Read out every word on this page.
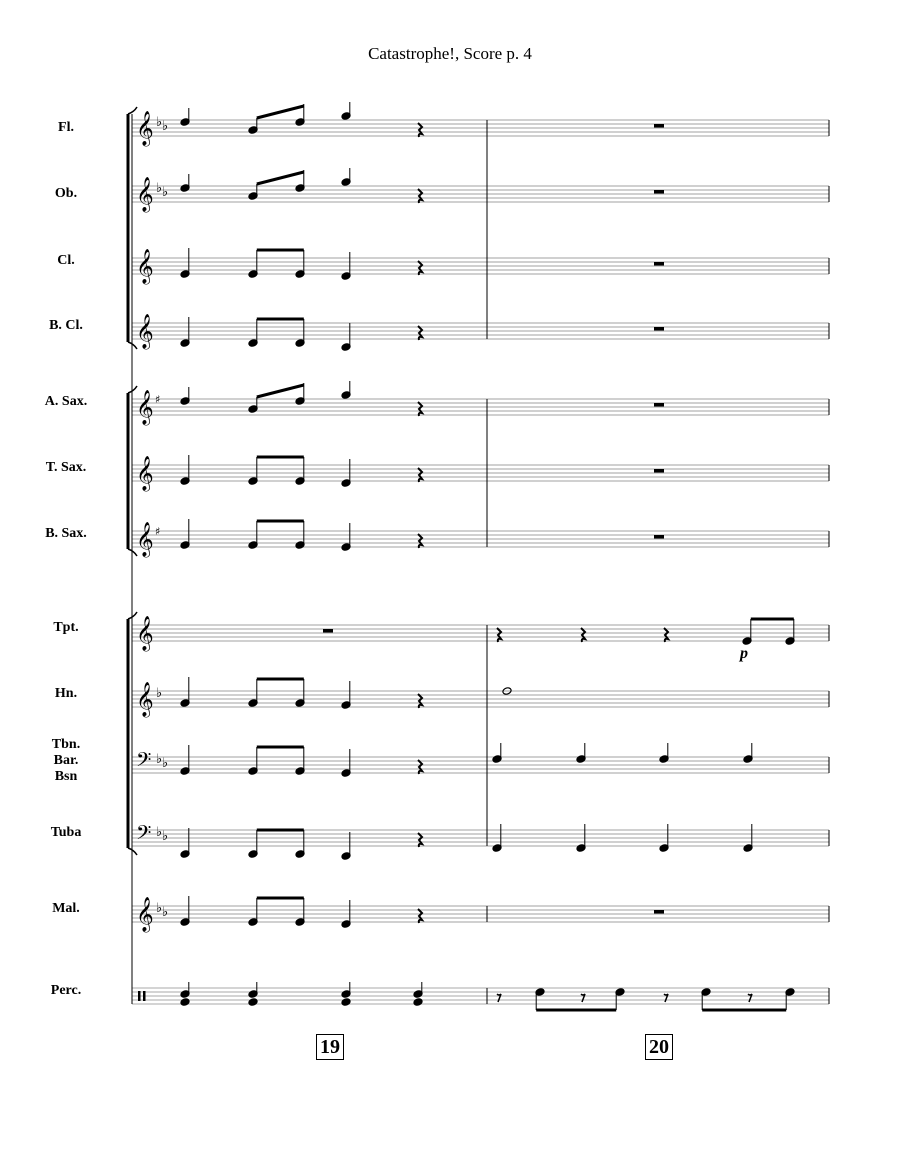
Catastrophe!, Score p. 4
Fl.
Ob.
Cl.
B. Cl.
A. Sax.
T. Sax.
B. Sax.
Tpt.
Hn.
Tbn.
Bar.
Bsn
Tuba
Mal.
Perc.
19	20
𝄞 ♭ ♭
𝄞 ♭ ♭
𝄞
𝄞
𝄞 ♯
𝄞
𝄞 ♯
𝄞
𝄞 ♭
𝄢 ♭ ♭
𝄢 ♭ ♭
𝄞 ♭ ♭
p
